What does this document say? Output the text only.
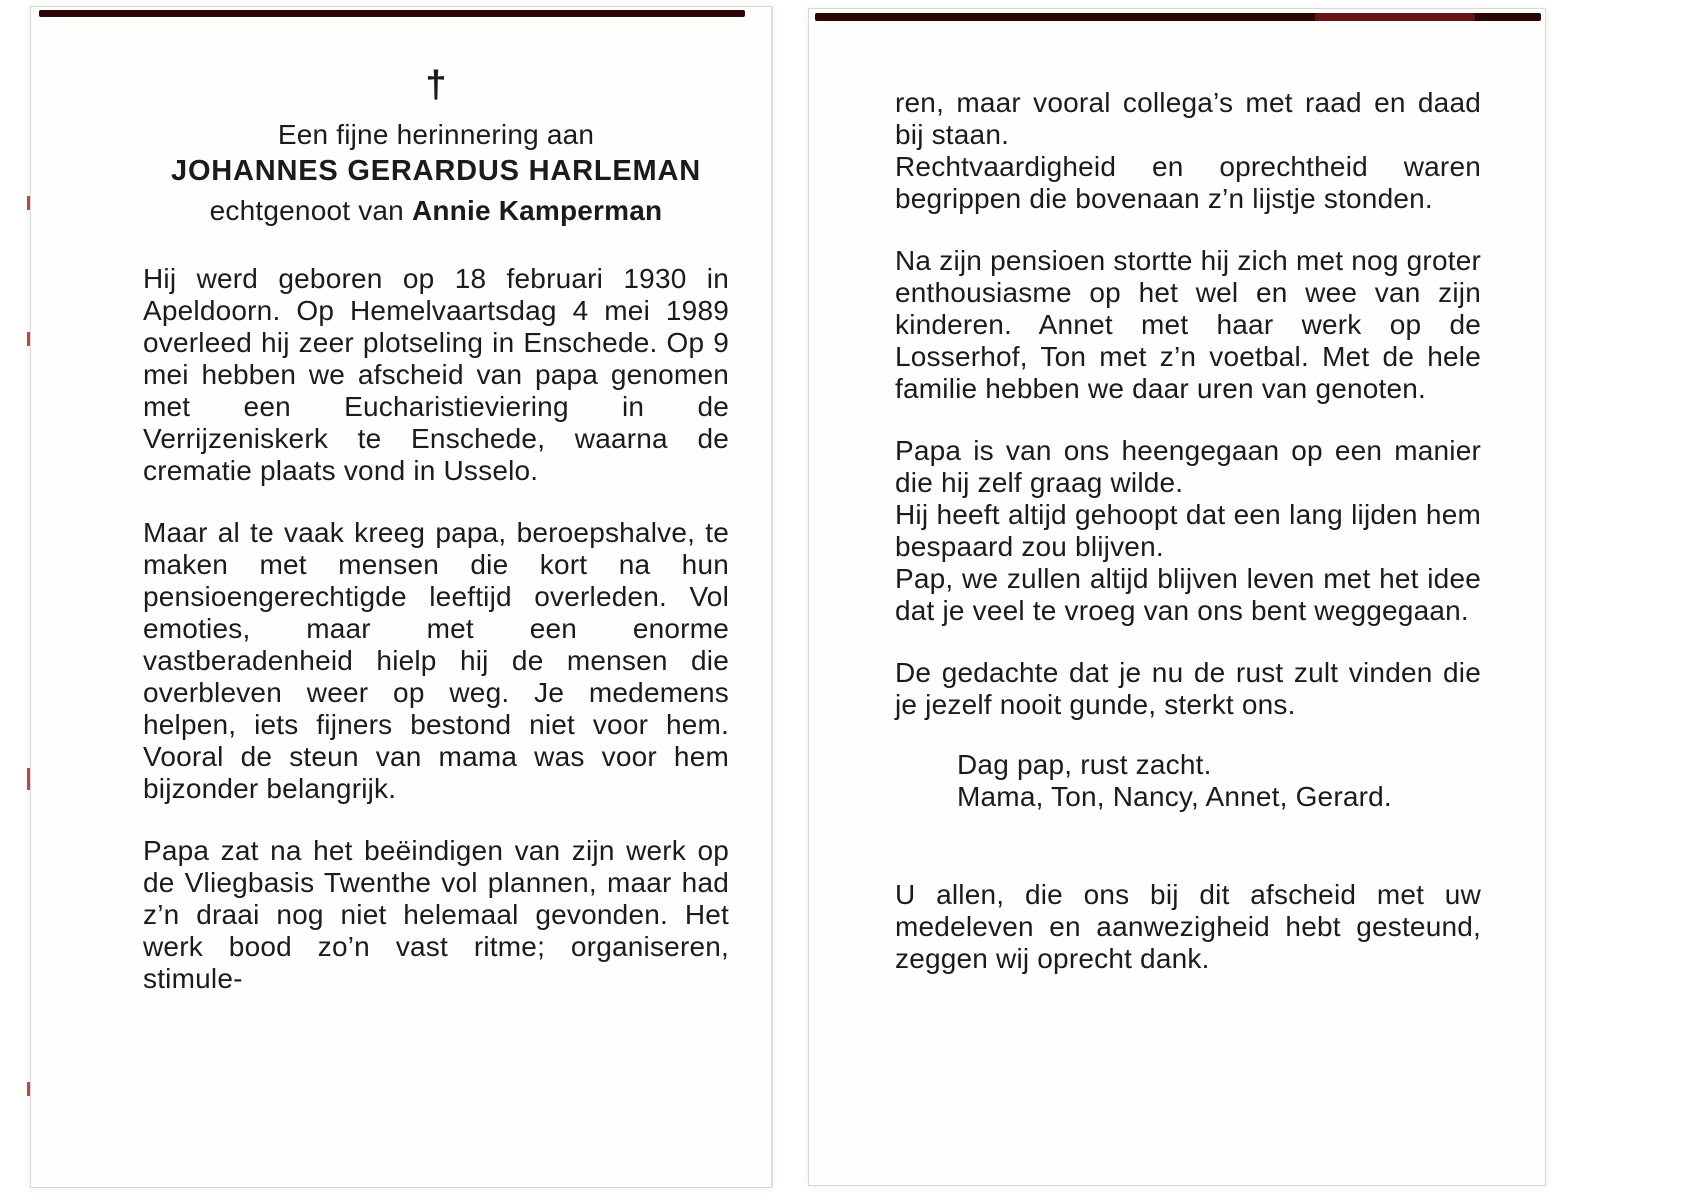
†
Een fijne herinnering aan
JOHANNES GERARDUS HARLEMAN
echtgenoot van Annie Kamperman

Hij werd geboren op 18 februari 1930 in Apeldoorn. Op Hemelvaartsdag 4 mei 1989 overleed hij zeer plotseling in Enschede. Op 9 mei hebben we afscheid van papa genomen met een Eucharistieviering in de Verrijzeniskerk te Enschede, waarna de crematie plaats vond in Usselo.

Maar al te vaak kreeg papa, beroepshalve, te maken met mensen die kort na hun pensioengerechtigde leeftijd overleden. Vol emoties, maar met een enorme vastberadenheid hielp hij de mensen die overbleven weer op weg. Je medemens helpen, iets fijners bestond niet voor hem. Vooral de steun van mama was voor hem bijzonder belangrijk.

Papa zat na het beëindigen van zijn werk op de Vliegbasis Twenthe vol plannen, maar had z’n draai nog niet helemaal gevonden. Het werk bood zo’n vast ritme; organiseren, stimule-

ren, maar vooral collega’s met raad en daad bij staan.

Rechtvaardigheid en oprechtheid waren begrippen die bovenaan z’n lijstje stonden.

Na zijn pensioen stortte hij zich met nog groter enthousiasme op het wel en wee van zijn kinderen. Annet met haar werk op de Losserhof, Ton met z’n voetbal. Met de hele familie hebben we daar uren van genoten.

Papa is van ons heengegaan op een manier die hij zelf graag wilde.

Hij heeft altijd gehoopt dat een lang lijden hem bespaard zou blijven.

Pap, we zullen altijd blijven leven met het idee dat je veel te vroeg van ons bent weggegaan.

De gedachte dat je nu de rust zult vinden die je jezelf nooit gunde, sterkt ons.

Dag pap, rust zacht.

Mama, Ton, Nancy, Annet, Gerard.

U allen, die ons bij dit afscheid met uw medeleven en aanwezigheid hebt gesteund, zeggen wij oprecht dank.
